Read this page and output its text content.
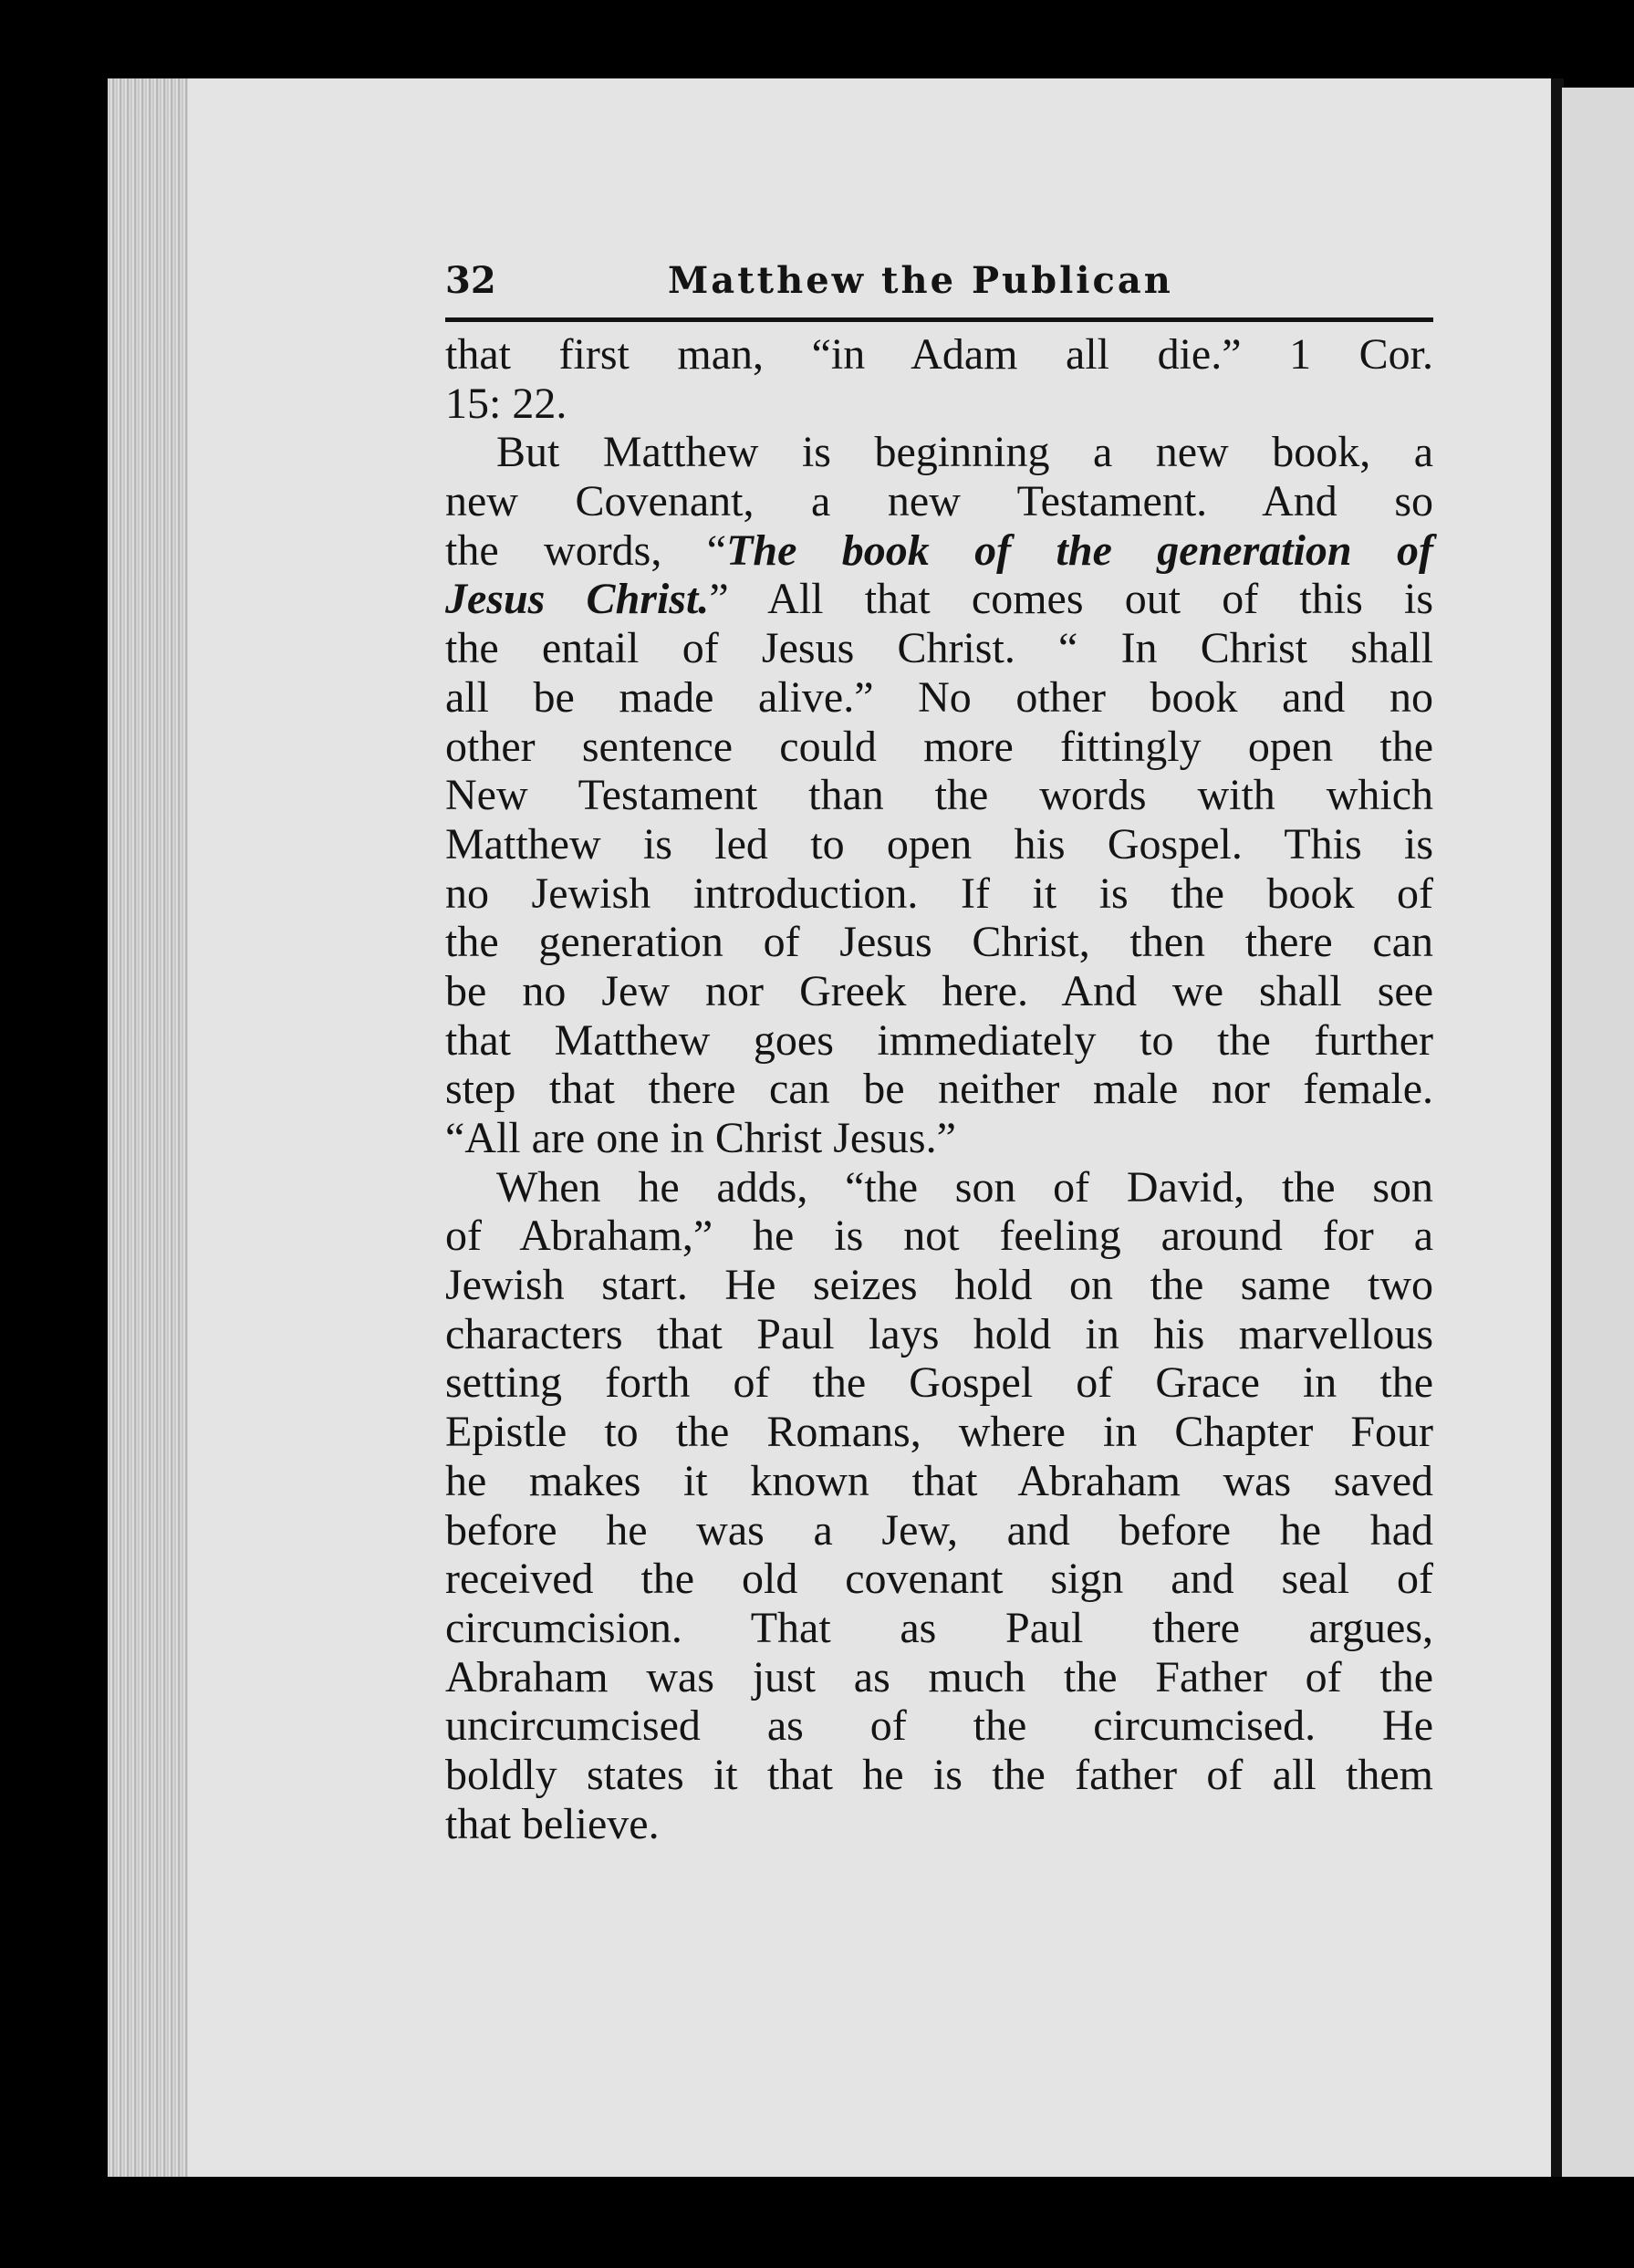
32	Matthew the Publican
that first man, “in Adam all die.” 1 Cor.
15: 22.
But Matthew is beginning a new book, a
new Covenant, a new Testament. And so
the words, “The book of the generation of
Jesus Christ.” All that comes out of this is
the entail of Jesus Christ. “ In Christ shall
all be made alive.” No other book and no
other sentence could more fittingly open the
New Testament than the words with which
Matthew is led to open his Gospel. This is
no Jewish introduction. If it is the book of
the generation of Jesus Christ, then there can
be no Jew nor Greek here. And we shall see
that Matthew goes immediately to the further
step that there can be neither male nor female.
“All are one in Christ Jesus.”
When he adds, “the son of David, the son
of Abraham,” he is not feeling around for a
Jewish start. He seizes hold on the same two
characters that Paul lays hold in his marvellous
setting forth of the Gospel of Grace in the
Epistle to the Romans, where in Chapter Four
he makes it known that Abraham was saved
before he was a Jew, and before he had
received the old covenant sign and seal of
circumcision. That as Paul there argues,
Abraham was just as much the Father of the
uncircumcised as of the circumcised. He
boldly states it that he is the father of all them
that believe.
